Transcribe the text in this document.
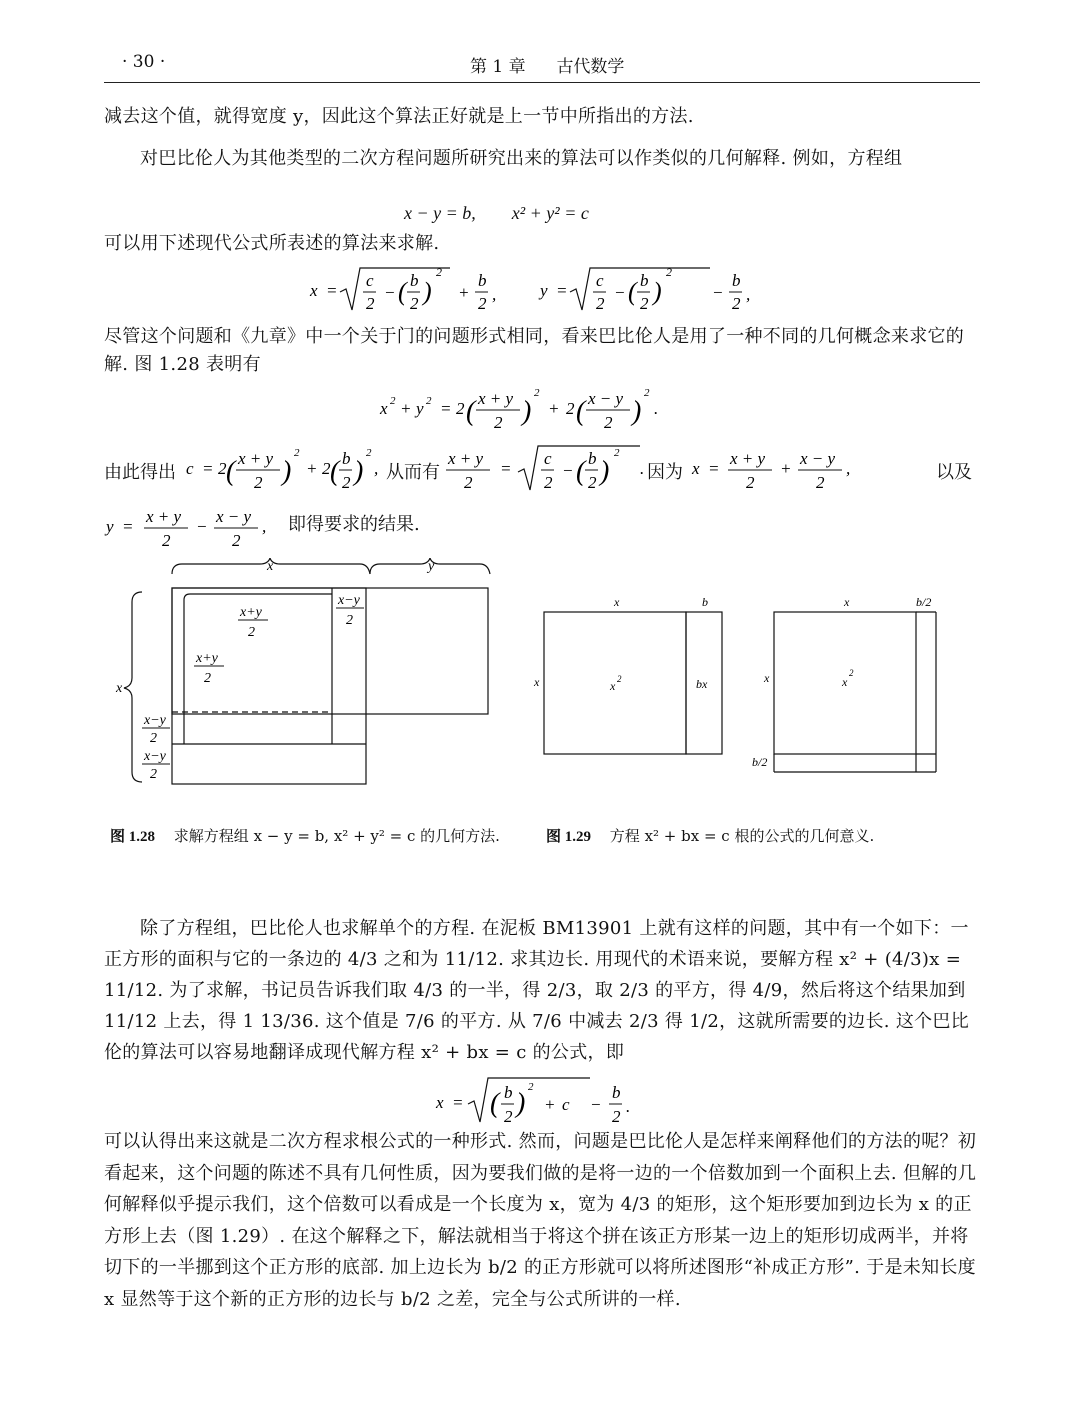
· 30 ·	第 1 章 古代数学
减去这个值，就得宽度 y，因此这个算法正好就是上一节中所指出的方法.
对巴比伦人为其他类型的二次方程问题所研究出来的算法可以作类似的几何解释. 例如，方程组
x − y = b,        x² + y² = c
可以用下述现代公式所表述的算法来求解.
x =
c
2
− ( b
2 )
2
+
b
2 ,	y =
c
2
− ( b
2 )
2
−
b
2 ,
尽管这个问题和《九章》中一个关于门的问题形式相同，看来巴比伦人是用了一种不同的几何概念来求它的解. 图 1.28 表明有
x 2 + y 2 = 2 ( x + y
2 )
2
+ 2 ( x − y
2 )
2
.
由此得出 c = 2 ( x + y
2 )
2
+ 2 ( b
2 )
2
, 从而有
x + y
2
=
c
2
− ( b
2 )
2
. 因为 x =
x + y
2
+
x − y
2
,	以及
y =
x + y
2
−
x − y
2
, 即得要求的结果.
x	y
x
x+y
2
x+y
2
x−y
2
x−y
2
x−y
2
x	b
x	x 2	bx
x	b/2
x	x
2
b/2
图 1.28 求解方程组 x − y = b, x² + y² = c 的几何方法.	图 1.29 方程 x² + bx = c 根的公式的几何意义.
除了方程组，巴比伦人也求解单个的方程. 在泥板 BM13901 上就有这样的问题，其中有一个如下：一正方形的面积与它的一条边的 4/3 之和为 11/12. 求其边长. 用现代的术语来说，要解方程 x² + (4/3)x = 11/12. 为了求解，书记员告诉我们取 4/3 的一半，得 2/3，取 2/3 的平方，得 4/9，然后将这个结果加到 11/12 上去，得 1 13/36. 这个值是 7/6 的平方. 从 7/6 中减去 2/3 得 1/2，这就所需要的边长. 这个巴比伦的算法可以容易地翻译成现代解方程 x² + bx = c 的公式，即
x = ( b
2 )
2
+ c −
b
2
.
可以认得出来这就是二次方程求根公式的一种形式. 然而，问题是巴比伦人是怎样来阐释他们的方法的呢？初看起来，这个问题的陈述不具有几何性质，因为要我们做的是将一边的一个倍数加到一个面积上去. 但解的几何解释似乎提示我们，这个倍数可以看成是一个长度为 x，宽为 4/3 的矩形，这个矩形要加到边长为 x 的正方形上去（图 1.29）. 在这个解释之下，解法就相当于将这个拼在该正方形某一边上的矩形切成两半，并将切下的一半挪到这个正方形的底部. 加上边长为 b/2 的正方形就可以将所述图形“补成正方形”. 于是未知长度 x 显然等于这个新的正方形的边长与 b/2 之差，完全与公式所讲的一样.
